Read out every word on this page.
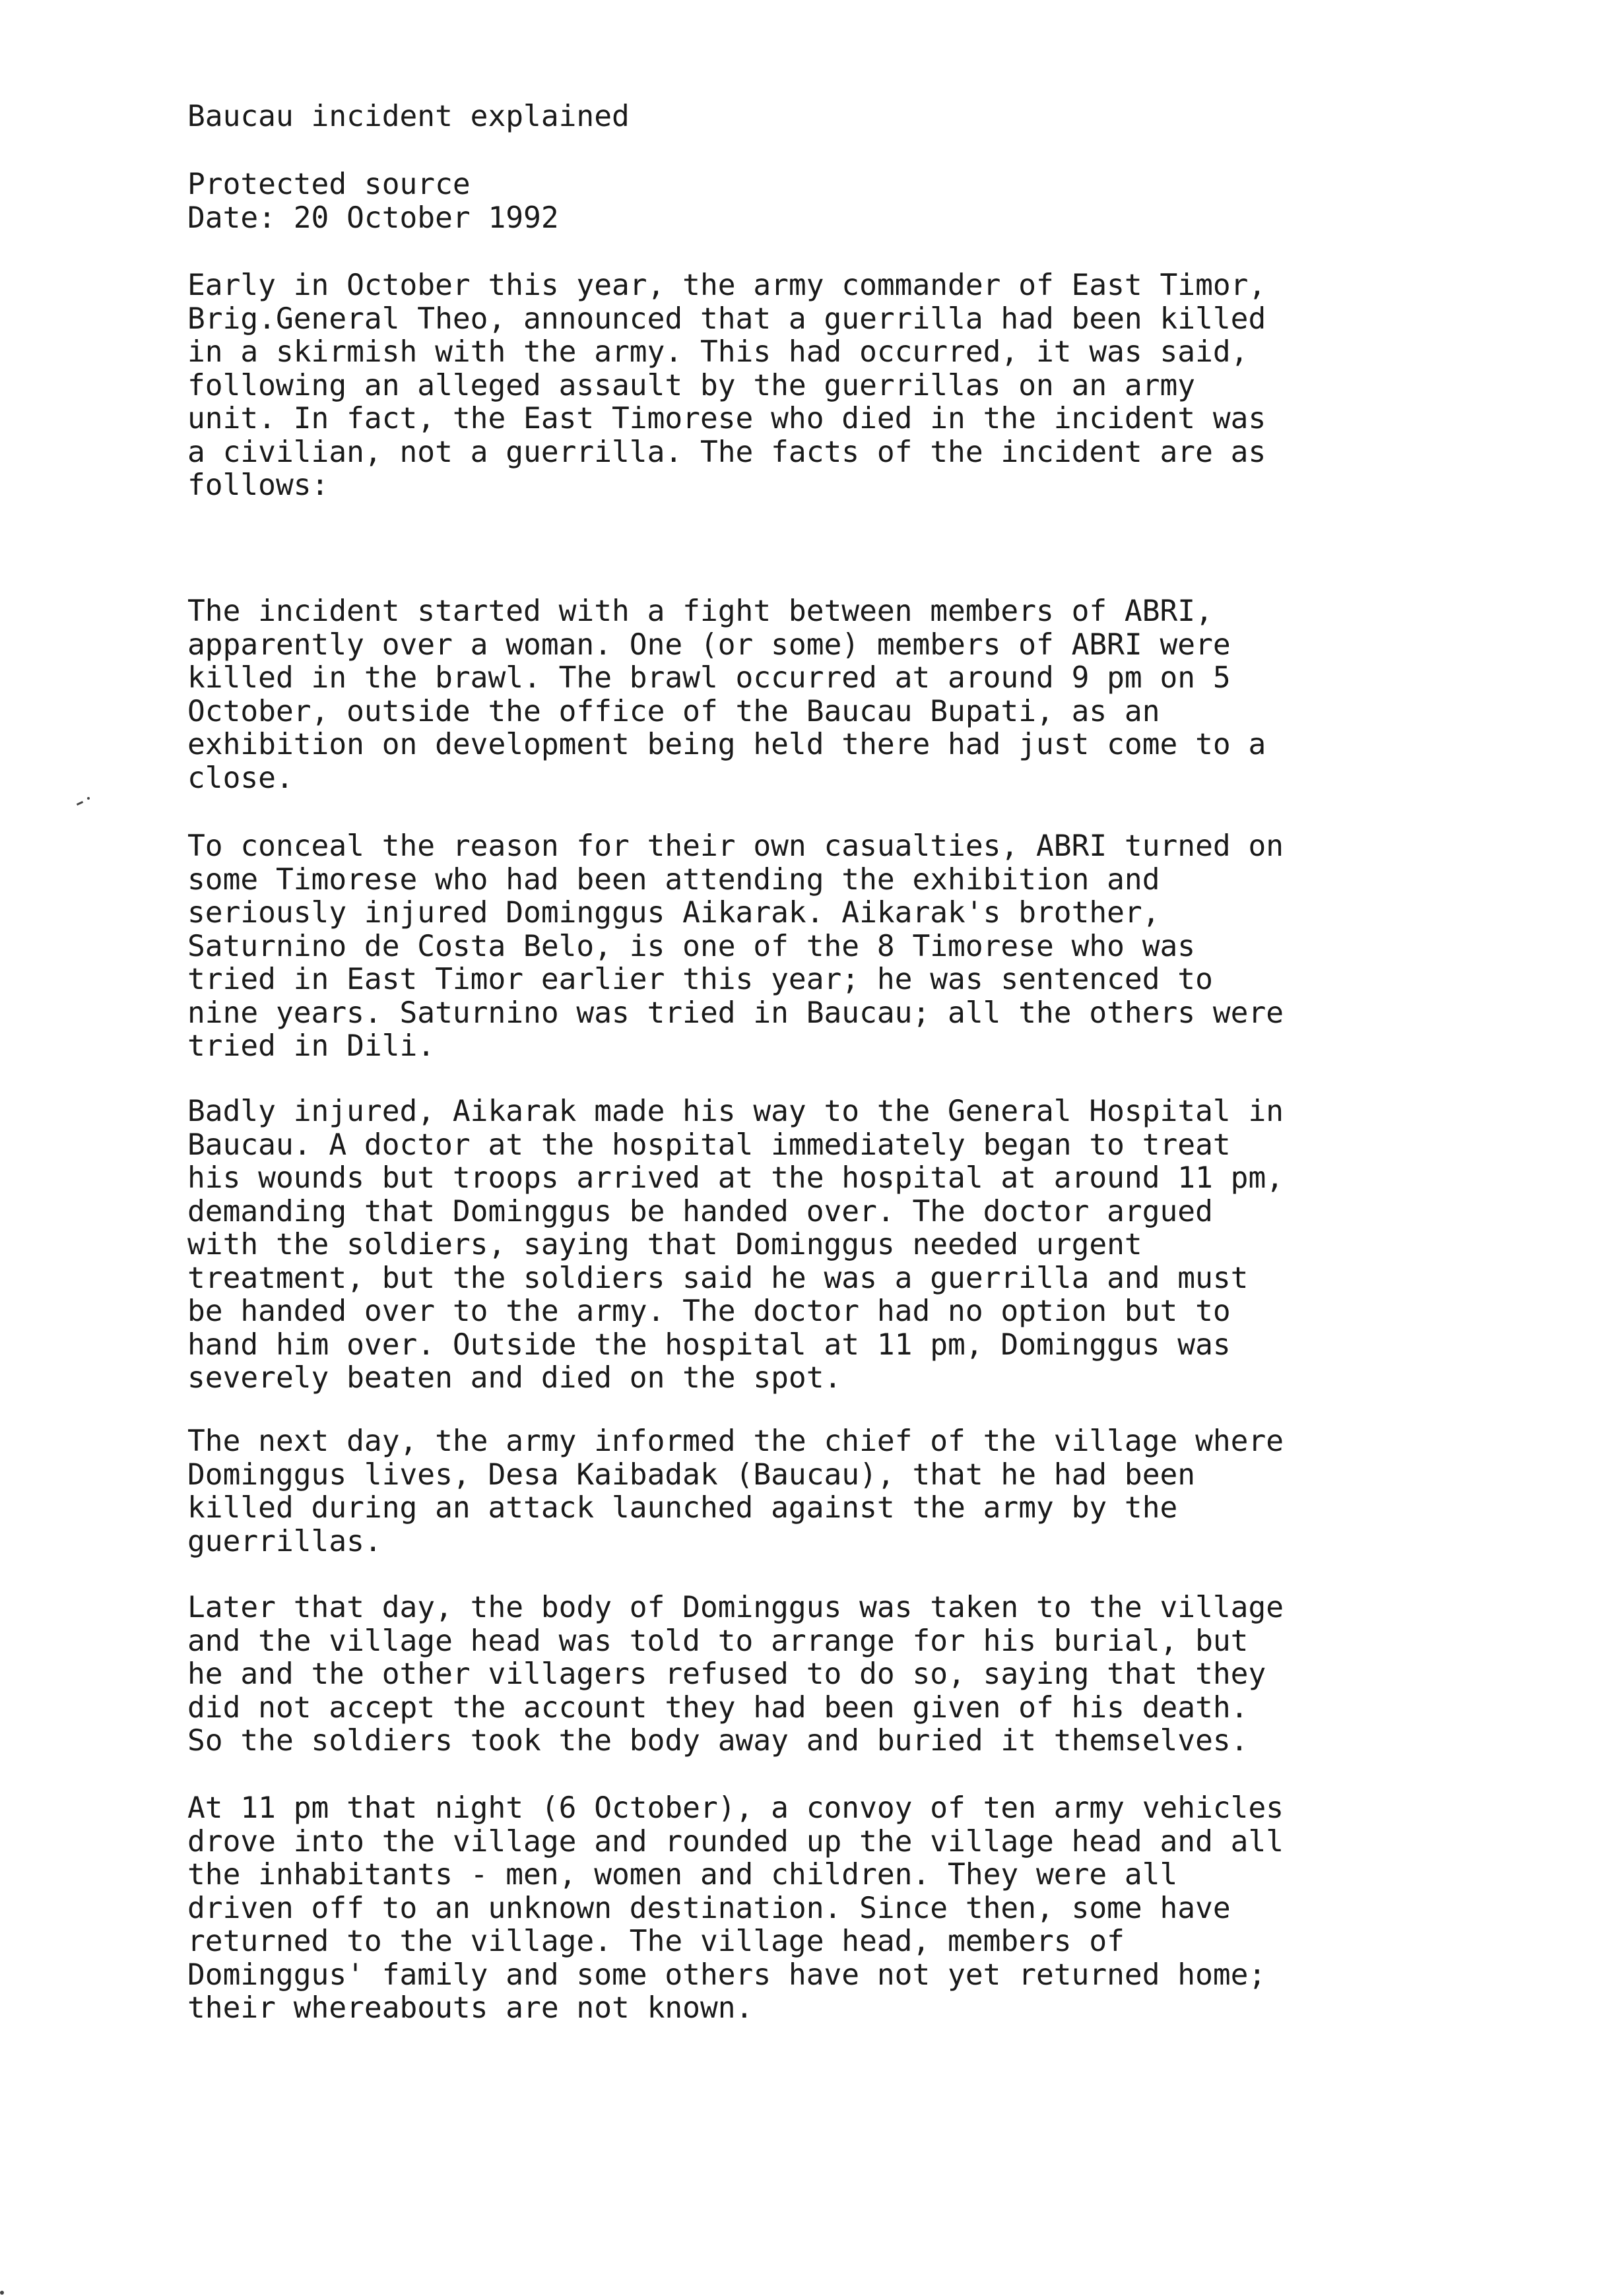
Baucau incident explained

Protected source
Date: 20 October 1992

Early in October this year, the army commander of East Timor,
Brig.General Theo, announced that a guerrilla had been killed
in a skirmish with the army. This had occurred, it was said,
following an alleged assault by the guerrillas on an army
unit. In fact, the East Timorese who died in the incident was
a civilian, not a guerrilla. The facts of the incident are as
follows:

The incident started with a fight between members of ABRI,
apparently over a woman. One (or some) members of ABRI were
killed in the brawl. The brawl occurred at around 9 pm on 5
October, outside the office of the Baucau Bupati, as an
exhibition on development being held there had just come to a
close.

To conceal the reason for their own casualties, ABRI turned on
some Timorese who had been attending the exhibition and
seriously injured Dominggus Aikarak. Aikarak's brother,
Saturnino de Costa Belo, is one of the 8 Timorese who was
tried in East Timor earlier this year; he was sentenced to
nine years. Saturnino was tried in Baucau; all the others were
tried in Dili.

Badly injured, Aikarak made his way to the General Hospital in
Baucau. A doctor at the hospital immediately began to treat
his wounds but troops arrived at the hospital at around 11 pm,
demanding that Dominggus be handed over. The doctor argued
with the soldiers, saying that Dominggus needed urgent
treatment, but the soldiers said he was a guerrilla and must
be handed over to the army. The doctor had no option but to
hand him over. Outside the hospital at 11 pm, Dominggus was
severely beaten and died on the spot.

The next day, the army informed the chief of the village where
Dominggus lives, Desa Kaibadak (Baucau), that he had been
killed during an attack launched against the army by the
guerrillas.

Later that day, the body of Dominggus was taken to the village
and the village head was told to arrange for his burial, but
he and the other villagers refused to do so, saying that they
did not accept the account they had been given of his death.
So the soldiers took the body away and buried it themselves.

At 11 pm that night (6 October), a convoy of ten army vehicles
drove into the village and rounded up the village head and all
the inhabitants - men, women and children. They were all
driven off to an unknown destination. Since then, some have
returned to the village. The village head, members of
Dominggus' family and some others have not yet returned home;
their whereabouts are not known.
